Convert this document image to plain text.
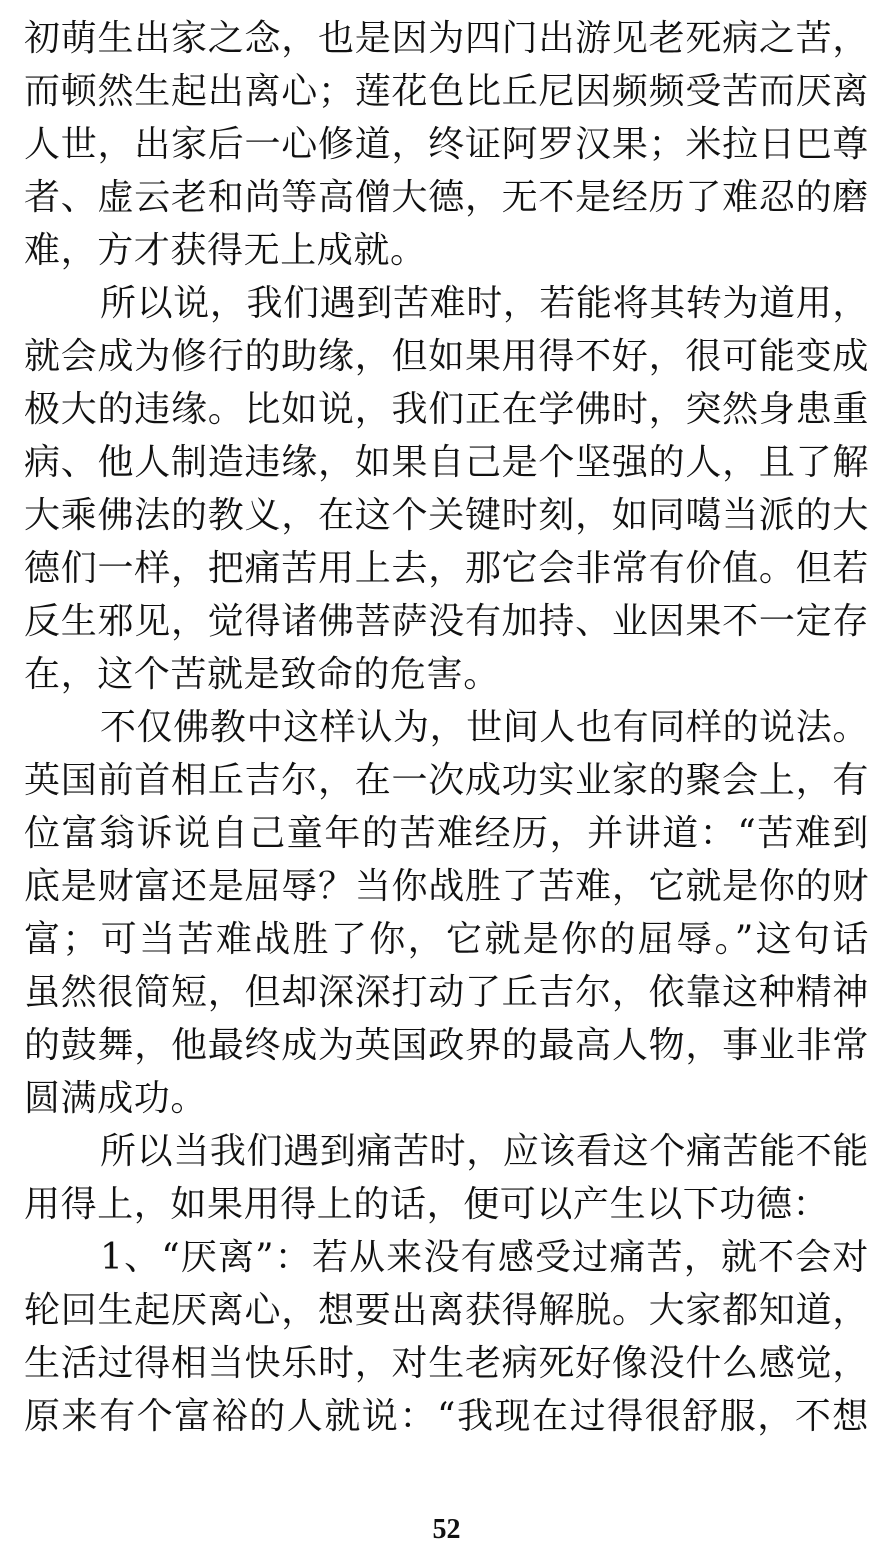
初萌生出家之念，也是因为四门出游见老死病之苦，
而顿然生起出离心；莲花色比丘尼因频频受苦而厌离
人世，出家后一心修道，终证阿罗汉果；米拉日巴尊
者、虚云老和尚等高僧大德，无不是经历了难忍的磨
难，方才获得无上成就。
所以说，我们遇到苦难时，若能将其转为道用，
就会成为修行的助缘，但如果用得不好，很可能变成
极大的违缘。比如说，我们正在学佛时，突然身患重
病、他人制造违缘，如果自己是个坚强的人，且了解
大乘佛法的教义，在这个关键时刻，如同噶当派的大
德们一样，把痛苦用上去，那它会非常有价值。但若
反生邪见，觉得诸佛菩萨没有加持、业因果不一定存
在，这个苦就是致命的危害。
不仅佛教中这样认为，世间人也有同样的说法。
英国前首相丘吉尔，在一次成功实业家的聚会上，有
位富翁诉说自己童年的苦难经历，并讲道：“苦难到
底是财富还是屈辱？当你战胜了苦难，它就是你的财
富；可当苦难战胜了你，它就是你的屈辱。”这句话
虽然很简短，但却深深打动了丘吉尔，依靠这种精神
的鼓舞，他最终成为英国政界的最高人物，事业非常
圆满成功。
所以当我们遇到痛苦时，应该看这个痛苦能不能
用得上，如果用得上的话，便可以产生以下功德：
1、“厌离”：若从来没有感受过痛苦，就不会对
轮回生起厌离心，想要出离获得解脱。大家都知道，
生活过得相当快乐时，对生老病死好像没什么感觉，
原来有个富裕的人就说：“我现在过得很舒服，不想
52
